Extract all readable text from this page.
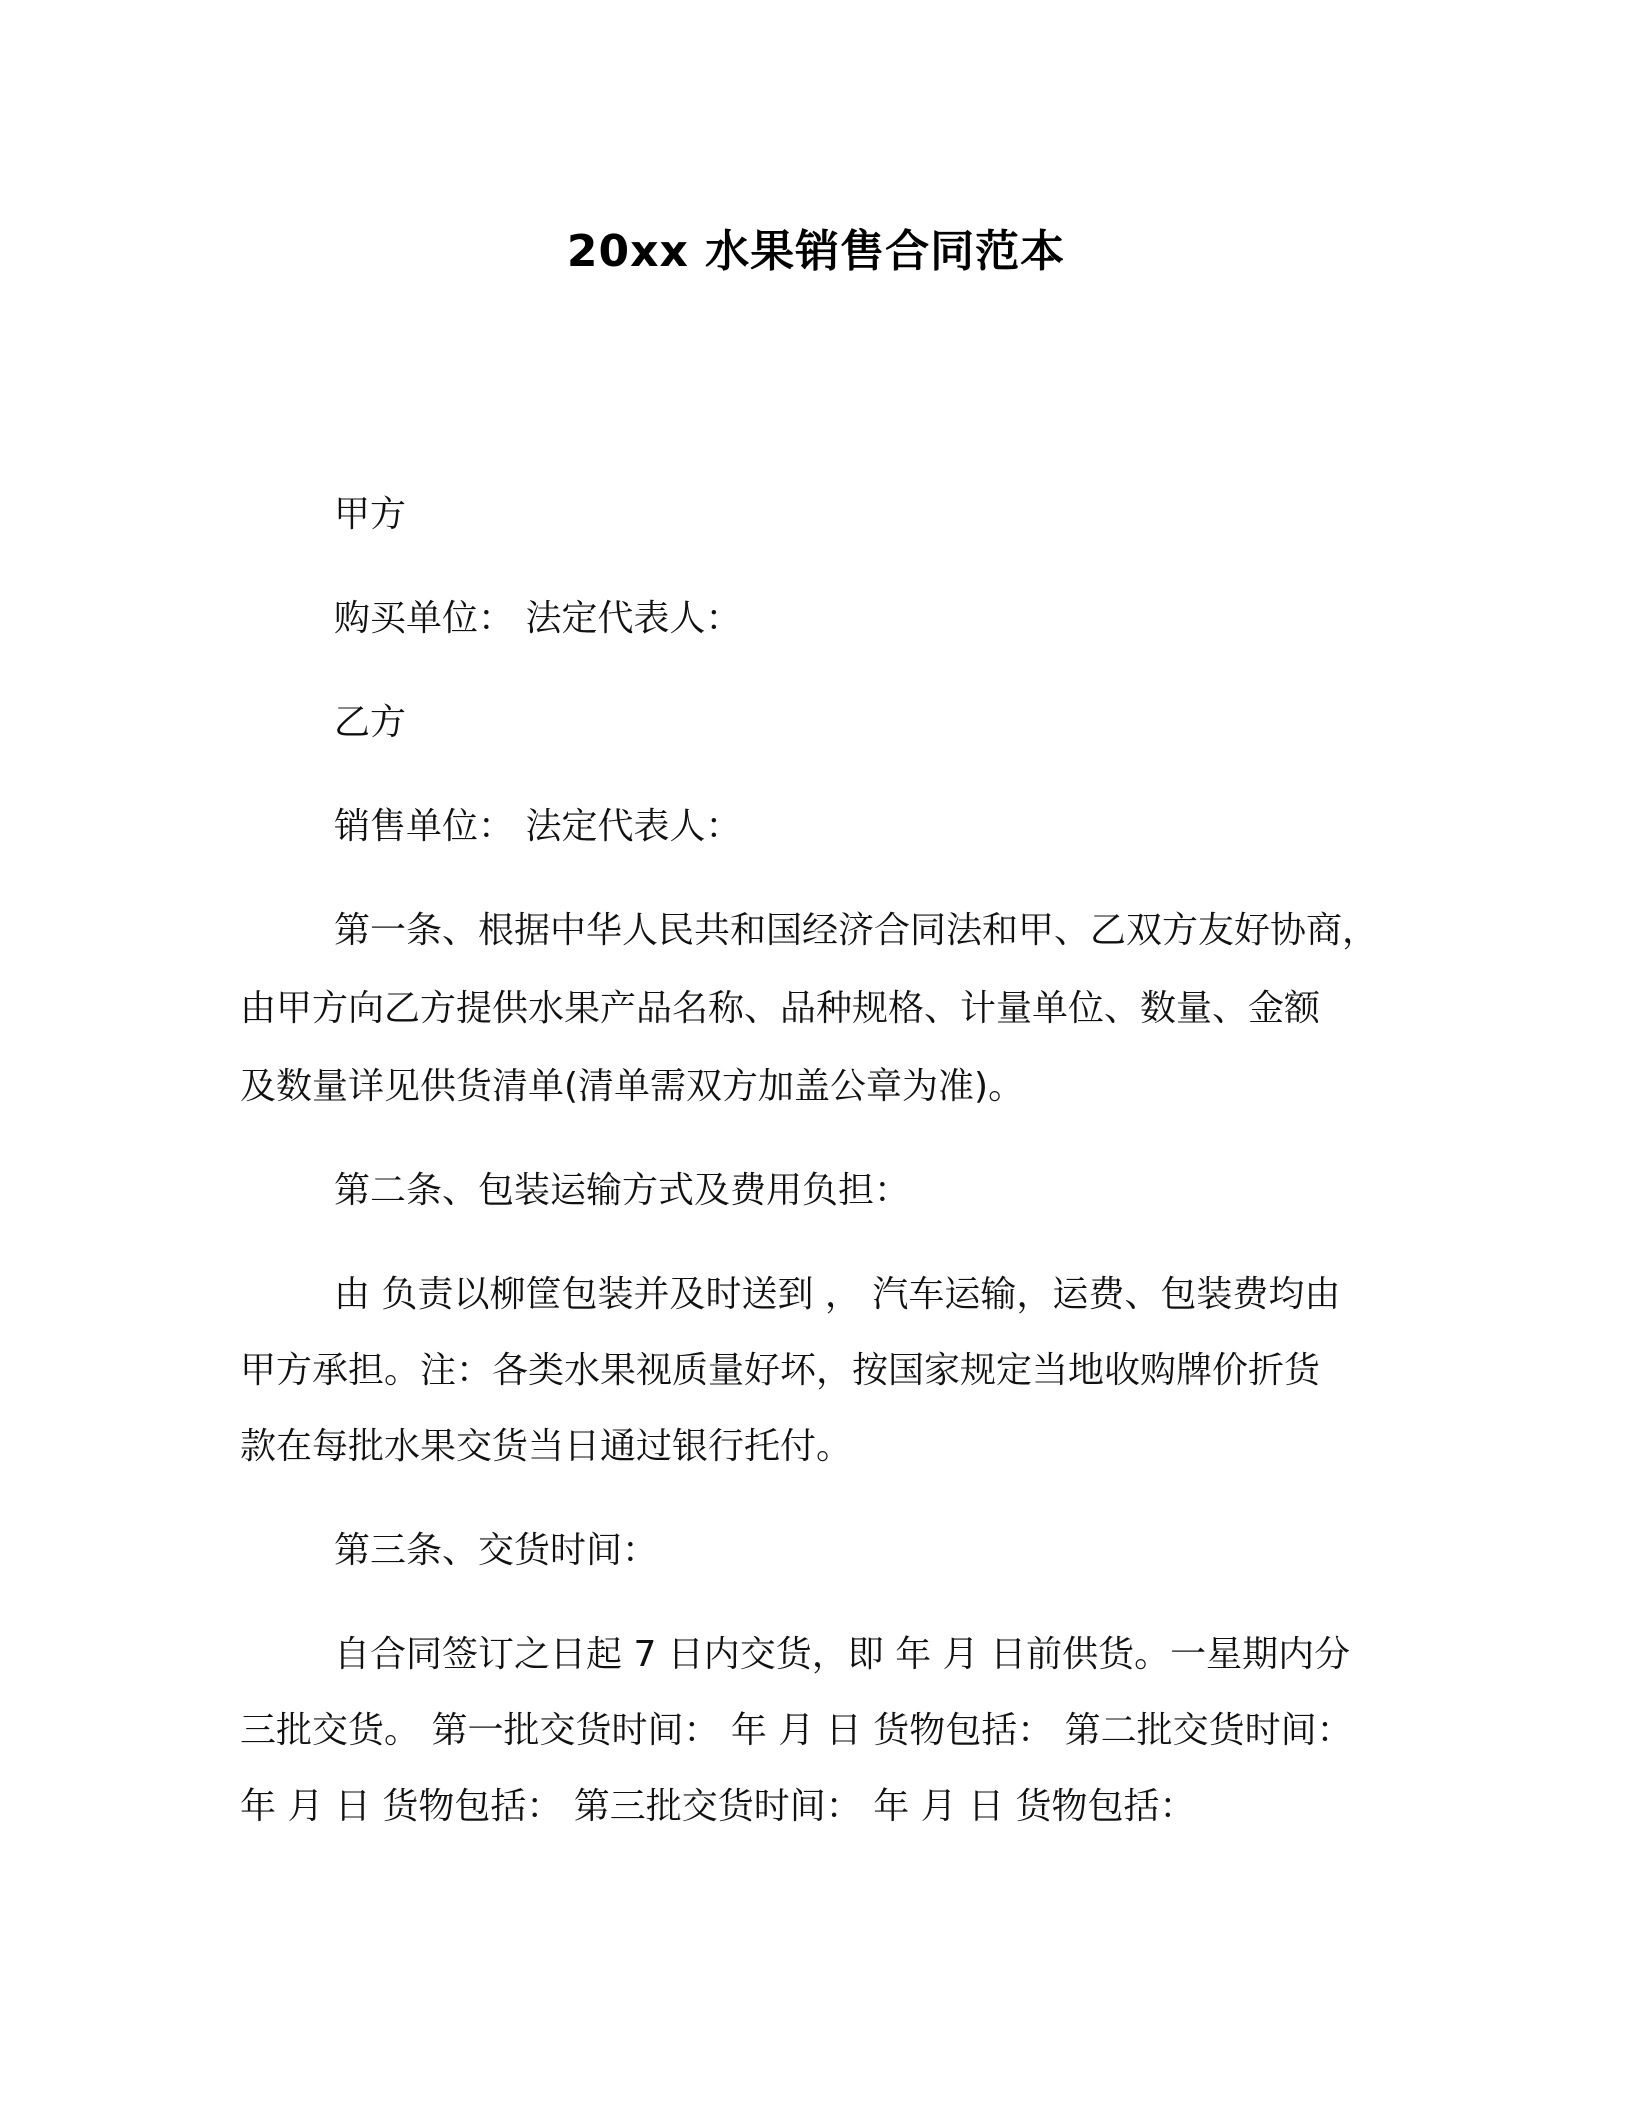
20xx 水果销售合同范本
甲方
购买单位： 法定代表人：
乙方
销售单位： 法定代表人：
第一条、根据中华人民共和国经济合同法和甲、乙双方友好协商，
由甲方向乙方提供水果产品名称、品种规格、计量单位、数量、金额
及数量详见供货清单(清单需双方加盖公章为准)。
第二条、包装运输方式及费用负担：
由 负责以柳筐包装并及时送到 ， 汽车运输，运费、包装费均由
甲方承担。注：各类水果视质量好坏，按国家规定当地收购牌价折货
款在每批水果交货当日通过银行托付。
第三条、交货时间：
自合同签订之日起 7 日内交货，即 年 月 日前供货。一星期内分
三批交货。 第一批交货时间： 年 月 日 货物包括： 第二批交货时间：
年 月 日 货物包括： 第三批交货时间： 年 月 日 货物包括：
